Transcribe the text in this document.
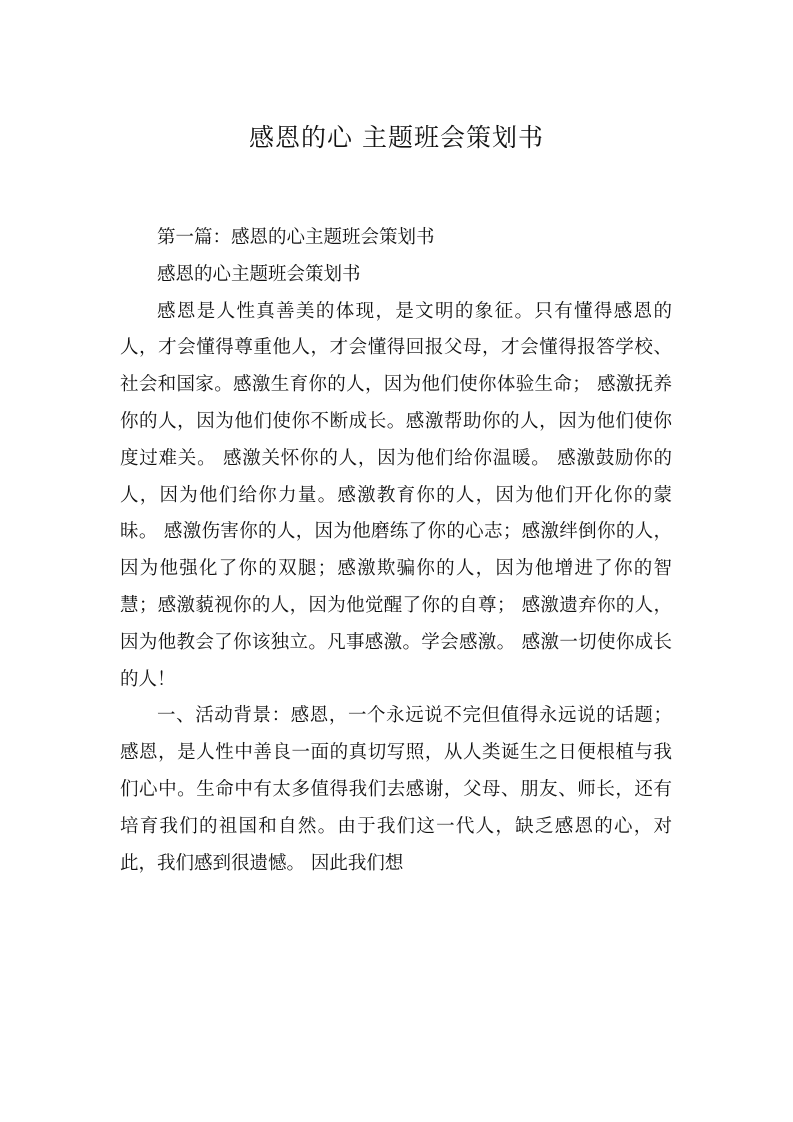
感恩的心 主题班会策划书

第一篇：感恩的心主题班会策划书

感恩的心主题班会策划书

感恩是人性真善美的体现，是文明的象征。只有懂得感恩的人，才会懂得尊重他人，才会懂得回报父母，才会懂得报答学校、社会和国家。感激生育你的人，因为他们使你体验生命； 感激抚养你的人，因为他们使你不断成长。感激帮助你的人，因为他们使你度过难关。 感激关怀你的人，因为他们给你温暖。 感激鼓励你的人，因为他们给你力量。感激教育你的人，因为他们开化你的蒙昧。 感激伤害你的人，因为他磨练了你的心志；感激绊倒你的人，因为他强化了你的双腿；感激欺骗你的人，因为他增进了你的智慧；感激藐视你的人，因为他觉醒了你的自尊； 感激遗弃你的人，因为他教会了你该独立。凡事感激。学会感激。 感激一切使你成长的人！

一、活动背景：感恩，一个永远说不完但值得永远说的话题；感恩，是人性中善良一面的真切写照，从人类诞生之日便根植与我们心中。生命中有太多值得我们去感谢，父母、朋友、师长，还有培育我们的祖国和自然。由于我们这一代人，缺乏感恩的心，对此，我们感到很遗憾。 因此我们想
